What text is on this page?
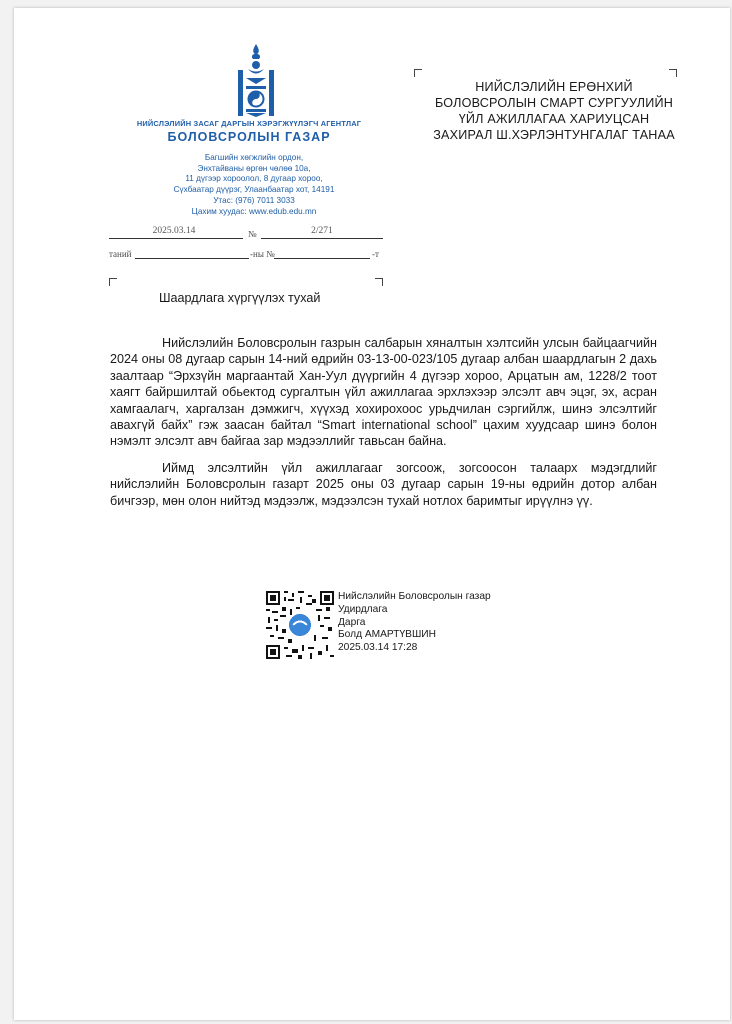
НИЙСЛЭЛИЙН ЗАСАГ ДАРГЫН ХЭРЭГЖҮҮЛЭГЧ АГЕНТЛАГ
БОЛОВСРОЛЫН ГАЗАР
Багшийн хөгжлийн ордон,
Энхтайваны өргөн чөлөө 10а,
11 дүгээр хороолол, 8 дугаар хороо,
Сүхбаатар дүүрэг, Улаанбаатар хот, 14191
Утас: (976) 7011 3033
Цахим хуудас: www.edub.edu.mn
2025.03.14	№	2/271
таний	-ны №	-т
НИЙСЛЭЛИЙН ЕРӨНХИЙ
БОЛОВСРОЛЫН СМАРТ СУРГУУЛИЙН
ҮЙЛ АЖИЛЛАГАА ХАРИУЦСАН
ЗАХИРАЛ Ш.ХЭРЛЭНТУНГАЛАГ ТАНАА
Шаардлага хүргүүлэх тухай

Нийслэлийн Боловсролын газрын салбарын хяналтын хэлтсийн улсын байцаагчийн 2024 оны 08 дугаар сарын 14-ний өдрийн 03-13-00-023/105 дугаар албан шаардлагын 2 дахь заалтаар “Эрхзүйн маргаантай Хан-Уул дүүргийн 4 дүгээр хороо, Арцатын ам, 1228/2 тоот хаягт байршилтай обьектод сургалтын үйл ажиллагаа эрхлэхээр элсэлт авч эцэг, эх, асран хамгаалагч, харгалзан дэмжигч, хүүхэд хохирохоос урьдчилан сэргийлж, шинэ элсэлтийг авахгүй байх” гэж заасан байтал “Smart international school” цахим хуудсаар шинэ болон нэмэлт элсэлт авч байгаа зар мэдээллийг тавьсан байна.

Иймд элсэлтийн үйл ажиллагааг зогсоож, зогсоосон талаарх мэдэгдлийг нийслэлийн Боловсролын газарт 2025 оны 03 дугаар сарын 19-ны өдрийн дотор албан бичгээр, мөн олон нийтэд мэдээлж, мэдээлсэн тухай нотлох баримтыг ирүүлнэ үү.

Нийслэлийн Боловсролын газар
Удирдлага
Дарга
Болд АМАРТҮВШИН
2025.03.14 17:28
